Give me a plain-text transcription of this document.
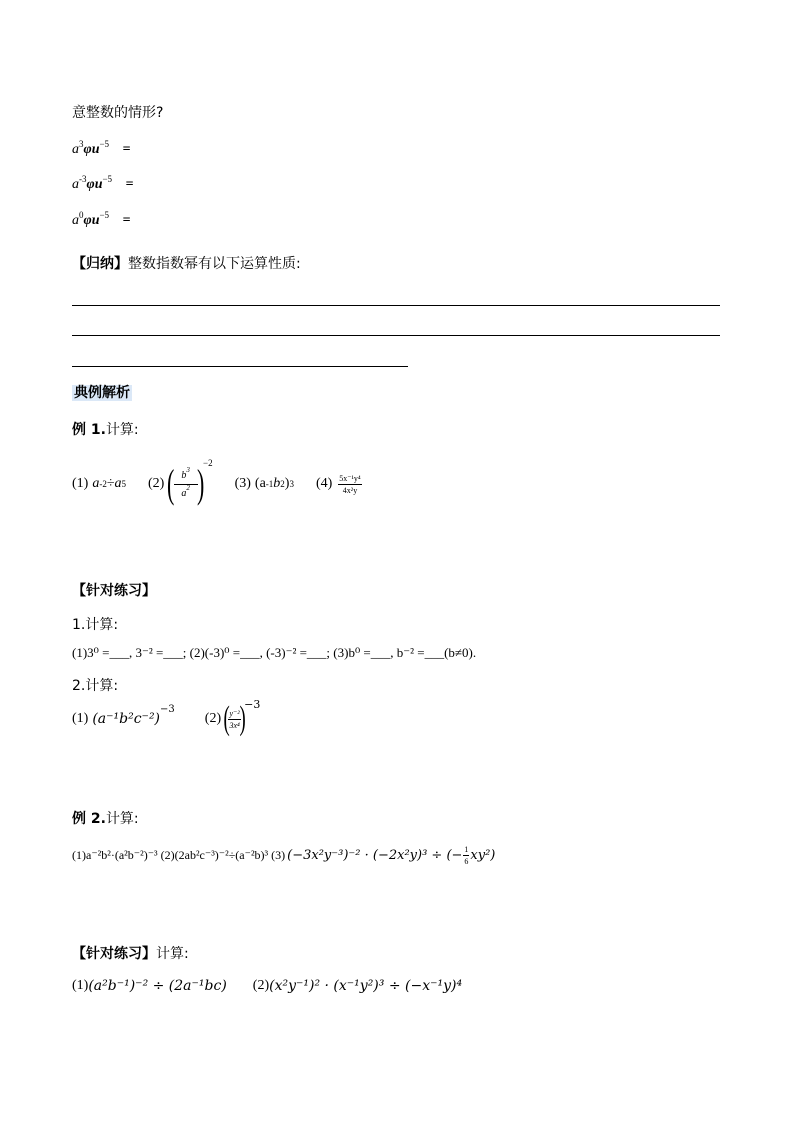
意整数的情形?
$a^3\varphi и^{-5}$ =
$a^{-3}\varphi и^{-5}$ =
$a^0\varphi и^{-5}$ =
【归纳】整数指数幂有以下运算性质:
典例解析
例 1.计算:
(1) a -2 ÷ a 5 (2) (
$\frac{b^3}{a^2}$
)
−2
(3) (a -1 b 2 ) 3 $(4) \frac{\text{5x⁻¹y⁴}}{\text{4x²y}}$
【针对练习】
1.计算:
(1)3⁰ =___, 3⁻² =___; (2)(-3)⁰ =___, (-3)⁻² =___; (3)b⁰ =___, b⁻² =___(b≠0).
2.计算:
(1) (a⁻¹b²c⁻²)
−3
(2) (
$\frac{\text{y⁻²}}{\text{3x⁴}}$
)
−3
例 2.计算:
(1)a⁻²b²·(a²b⁻²)⁻³ (2)(2ab²c⁻³)⁻²÷(a⁻²b)³ (3) (−3x²y⁻³)⁻² · (−2x²y)³ ÷ (− $\frac{1}{6} xy^2$)
【针对练习】计算:
(1) (a²b⁻¹)⁻² ÷ (2a⁻¹bc) (2) (x²y⁻¹)² · (x⁻¹y²)³ ÷ (−x⁻¹y)⁴
